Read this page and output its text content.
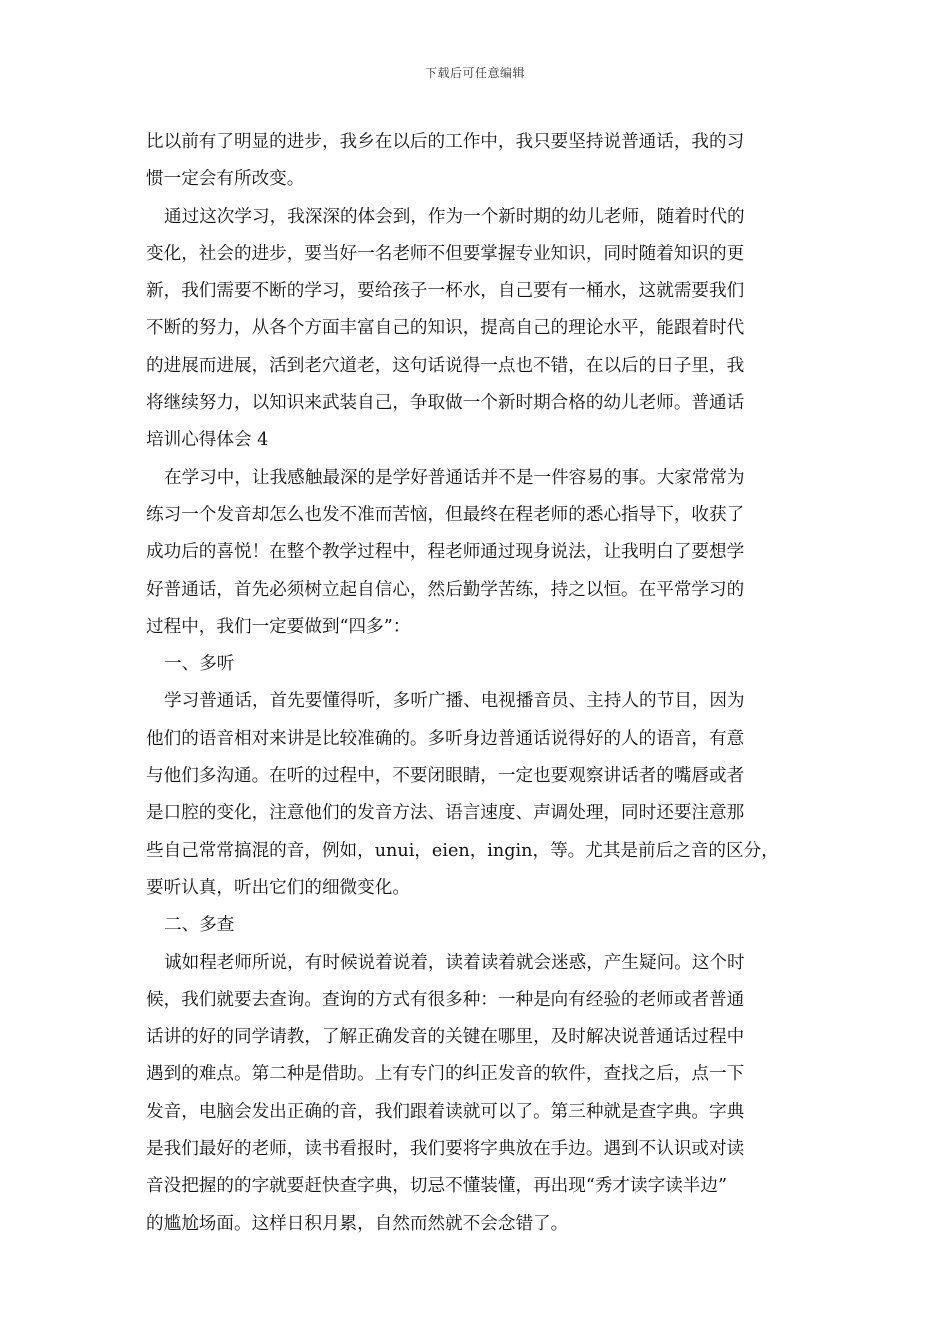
下载后可任意编辑
比以前有了明显的进步，我乡在以后的工作中，我只要坚持说普通话，我的习
惯一定会有所改变。
通过这次学习，我深深的体会到，作为一个新时期的幼儿老师，随着时代的
变化，社会的进步，要当好一名老师不但要掌握专业知识，同时随着知识的更
新，我们需要不断的学习，要给孩子一杯水，自己要有一桶水，这就需要我们
不断的努力，从各个方面丰富自己的知识，提高自己的理论水平，能跟着时代
的进展而进展，活到老穴道老，这句话说得一点也不错，在以后的日子里，我
将继续努力，以知识来武装自己，争取做一个新时期合格的幼儿老师。普通话
培训心得体会 4
在学习中，让我感触最深的是学好普通话并不是一件容易的事。大家常常为
练习一个发音却怎么也发不准而苦恼，但最终在程老师的悉心指导下，收获了
成功后的喜悦！在整个教学过程中，程老师通过现身说法，让我明白了要想学
好普通话，首先必须树立起自信心，然后勤学苦练，持之以恒。在平常学习的
过程中，我们一定要做到“四多”：
一、多听
学习普通话，首先要懂得听，多听广播、电视播音员、主持人的节目，因为
他们的语音相对来讲是比较准确的。多听身边普通话说得好的人的语音，有意
与他们多沟通。在听的过程中，不要闭眼睛，一定也要观察讲话者的嘴唇或者
是口腔的变化，注意他们的发音方法、语言速度、声调处理，同时还要注意那
些自己常常搞混的音，例如，unui，eien，ingin，等。尤其是前后之音的区分，
要听认真，听出它们的细微变化。
二、多查
诚如程老师所说，有时候说着说着，读着读着就会迷惑，产生疑问。这个时
候，我们就要去查询。查询的方式有很多种：一种是向有经验的老师或者普通
话讲的好的同学请教，了解正确发音的关键在哪里，及时解决说普通话过程中
遇到的难点。第二种是借助。上有专门的纠正发音的软件，查找之后，点一下
发音，电脑会发出正确的音，我们跟着读就可以了。第三种就是查字典。字典
是我们最好的老师，读书看报时，我们要将字典放在手边。遇到不认识或对读
音没把握的的字就要赶快查字典，切忌不懂装懂，再出现“秀才读字读半边”
的尴尬场面。这样日积月累，自然而然就不会念错了。
